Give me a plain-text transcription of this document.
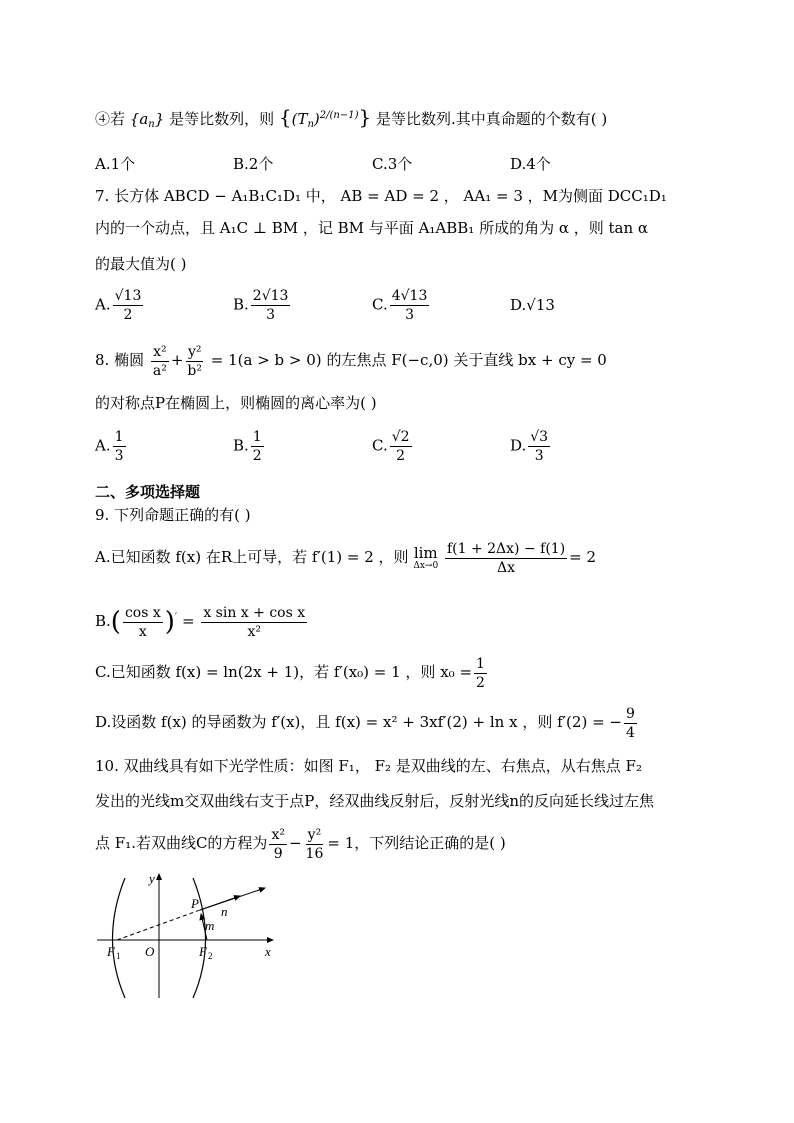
④若 $\{a_n\}$ 是等比数列，则 $\{(T_n)^{2/(n-1)}\}$ 是等比数列.其中真命题的个数有( )
A.1个	B.2个	C.3个	D.4个
7. 长方体 ABCD − A₁B₁C₁D₁ 中， AB = AD = 2 ， AA₁ = 3 ，M为侧面 DCC₁D₁
内的一个动点，且 A₁C ⊥ BM ，记 BM 与平面 A₁ABB₁ 所成的角为 α ，则 tan α
的最大值为( )
A. $\frac{√13}{2}$	B. $\frac{2√13}{3}$	C. $\frac{4√13}{3}$	D.√13
8. 椭圆 $\frac{\text{x²}}{\text{a²}} + \frac{\text{y²}}{\text{b²}} = 1(a > b > 0)$ 的左焦点 F(−c,0) 关于直线 bx + cy = 0
的对称点P在椭圆上，则椭圆的离心率为( )
A. $\frac{1}{3}$	B. $\frac{1}{2}$	C. $\frac{√2}{2}$	D. $\frac{√3}{3}$
二、多项选择题
9. 下列命题正确的有( )
A.已知函数 f(x) 在R上可导，若 f′(1) = 2 ，则 lim
Δx→0
$\frac{f(1 + 2\Delta x) - f(1)}{\Delta x} = 2$
$B.( \frac{\text{cos x}}{x} )' = \frac{\text{x sin x + cos x}}{\text{x²}}$
C.已知函数 f(x) = ln(2x + 1)，若 f′(x₀) = 1 ，则 $x_0 = \frac{1}{2}$
D.设函数 f(x) 的导函数为 f′(x)，且 f(x) = x² + 3xf′(2) + ln x ，则 f′(2) = − $\frac{9}{4}$
10. 双曲线具有如下光学性质：如图 F₁， F₂ 是双曲线的左、右焦点，从右焦点 F₂
发出的光线m交双曲线右支于点P，经双曲线反射后，反射光线n的反向延长线过左焦
点 F₁.若双曲线C的方程为 $\frac{\text{x²}}{9} - \frac{\text{y²}}{16} = 1$，下列结论正确的是( )
y
x
O
P
n
m
F 1	F 2
